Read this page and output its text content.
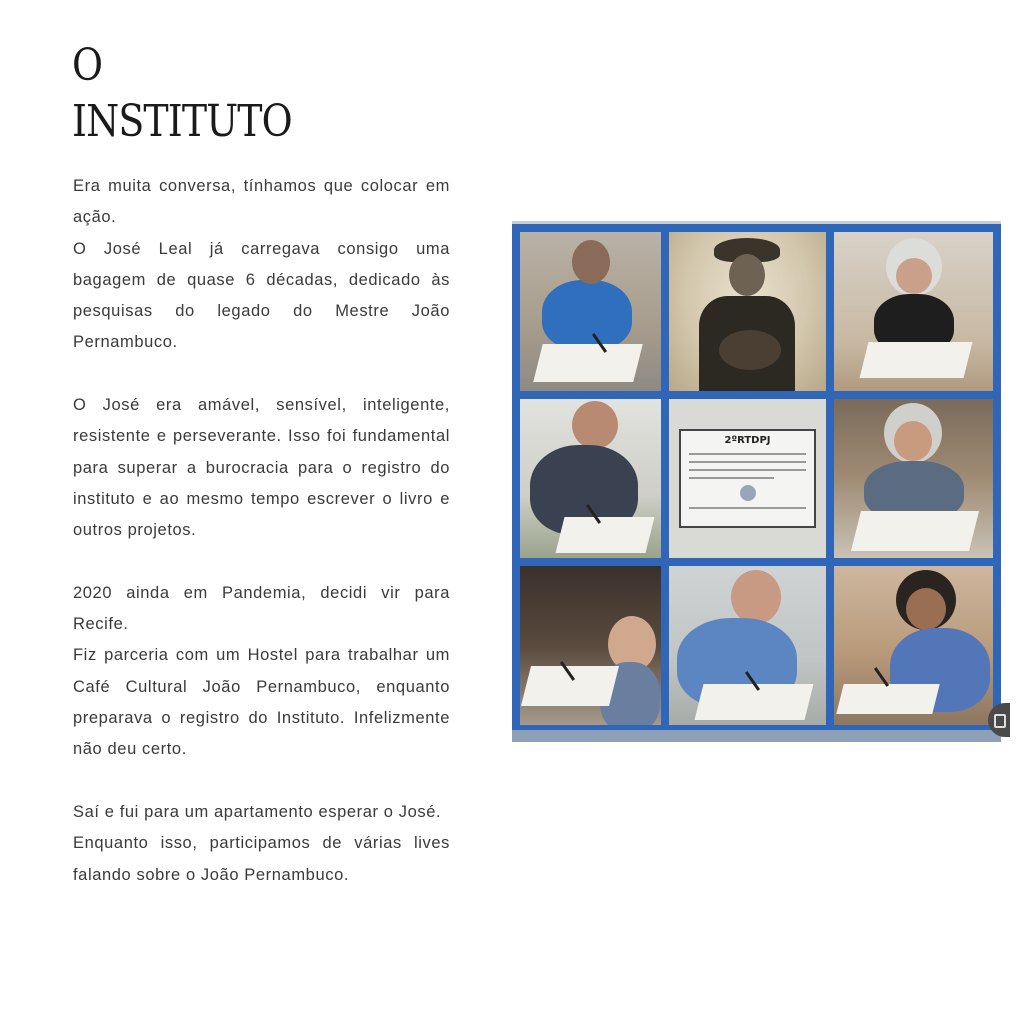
O
INSTITUTO

Era muita conversa, tínhamos que colocar em ação.

O José Leal já carregava consigo uma bagagem de quase 6 décadas, dedicado às pesquisas do legado do Mestre João Pernambuco.

O José era amável, sensível, inteligente, resistente e perseverante. Isso foi fundamental para superar a burocracia para o registro do instituto e ao mesmo tempo escrever o livro e outros projetos.

2020 ainda em Pandemia, decidi vir para Recife.

Fiz parceria com um Hostel para trabalhar um Café Cultural João Pernambuco, enquanto preparava o registro do Instituto. Infelizmente não deu certo.

Saí e fui para um apartamento esperar o José.

Enquanto isso, participamos de várias lives falando sobre o João Pernambuco.

2ºRTDPJ
